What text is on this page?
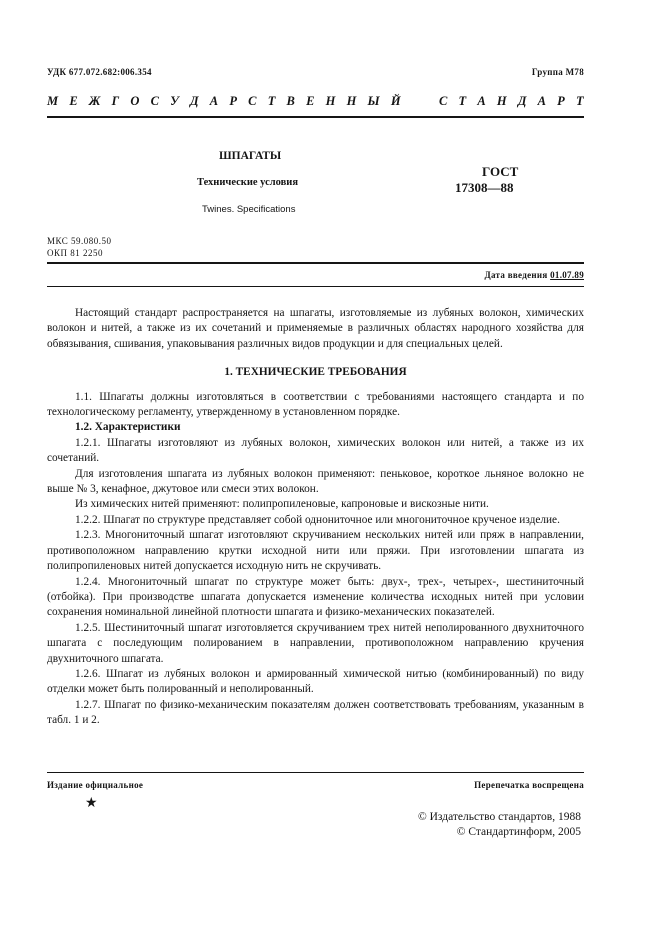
УДК 677.072.682:006.354	Группа М78
М Е Ж Г О С У Д А Р С Т В Е Н Н Ы Й	С Т А Н Д А Р Т
ШПАГАТЫ
Технические условия
Twines. Specifications
ГОСТ
17308—88
МКС 59.080.50
ОКП 81 2250
Дата введения 01.07.89

Настоящий стандарт распространяется на шпагаты, изготовляемые из лубяных волокон, химических волокон и нитей, а также из их сочетаний и применяемые в различных областях народного хозяйства для обвязывания, сшивания, упаковывания различных видов продукции и для специальных целей.

1. ТЕХНИЧЕСКИЕ ТРЕБОВАНИЯ

1.1. Шпагаты должны изготовляться в соответствии с требованиями настоящего стандарта и по технологическому регламенту, утвержденному в установленном порядке.

1.2. Характеристики

1.2.1. Шпагаты изготовляют из лубяных волокон, химических волокон или нитей, а также из их сочетаний.

Для изготовления шпагата из лубяных волокон применяют: пеньковое, короткое льняное волокно не выше № 3, кенафное, джутовое или смеси этих волокон.

Из химических нитей применяют: полипропиленовые, капроновые и вискозные нити.

1.2.2. Шпагат по структуре представляет собой однониточное или многониточное крученое изделие.

1.2.3. Многониточный шпагат изготовляют скручиванием нескольких нитей или пряж в направлении, противоположном направлению крутки исходной нити или пряжи. При изготовлении шпагата из полипропиленовых нитей допускается исходную нить не скручивать.

1.2.4. Многониточный шпагат по структуре может быть: двух-, трех-, четырех-, шестиниточный (отбойка). При производстве шпагата допускается изменение количества исходных нитей при условии сохранения номинальной линейной плотности шпагата и физико-механических показателей.

1.2.5. Шестиниточный шпагат изготовляется скручиванием трех нитей неполированного двухниточного шпагата с последующим полированием в направлении, противоположном направлению кручения двухниточного шпагата.

1.2.6. Шпагат из лубяных волокон и армированный химической нитью (комбинированный) по виду отделки может быть полированный и неполированный.

1.2.7. Шпагат по физико-механическим показателям должен соответствовать требованиям, указанным в табл. 1 и 2.

Издание официальное	Перепечатка воспрещена
★
© Издательство стандартов, 1988
© Стандартинформ, 2005
